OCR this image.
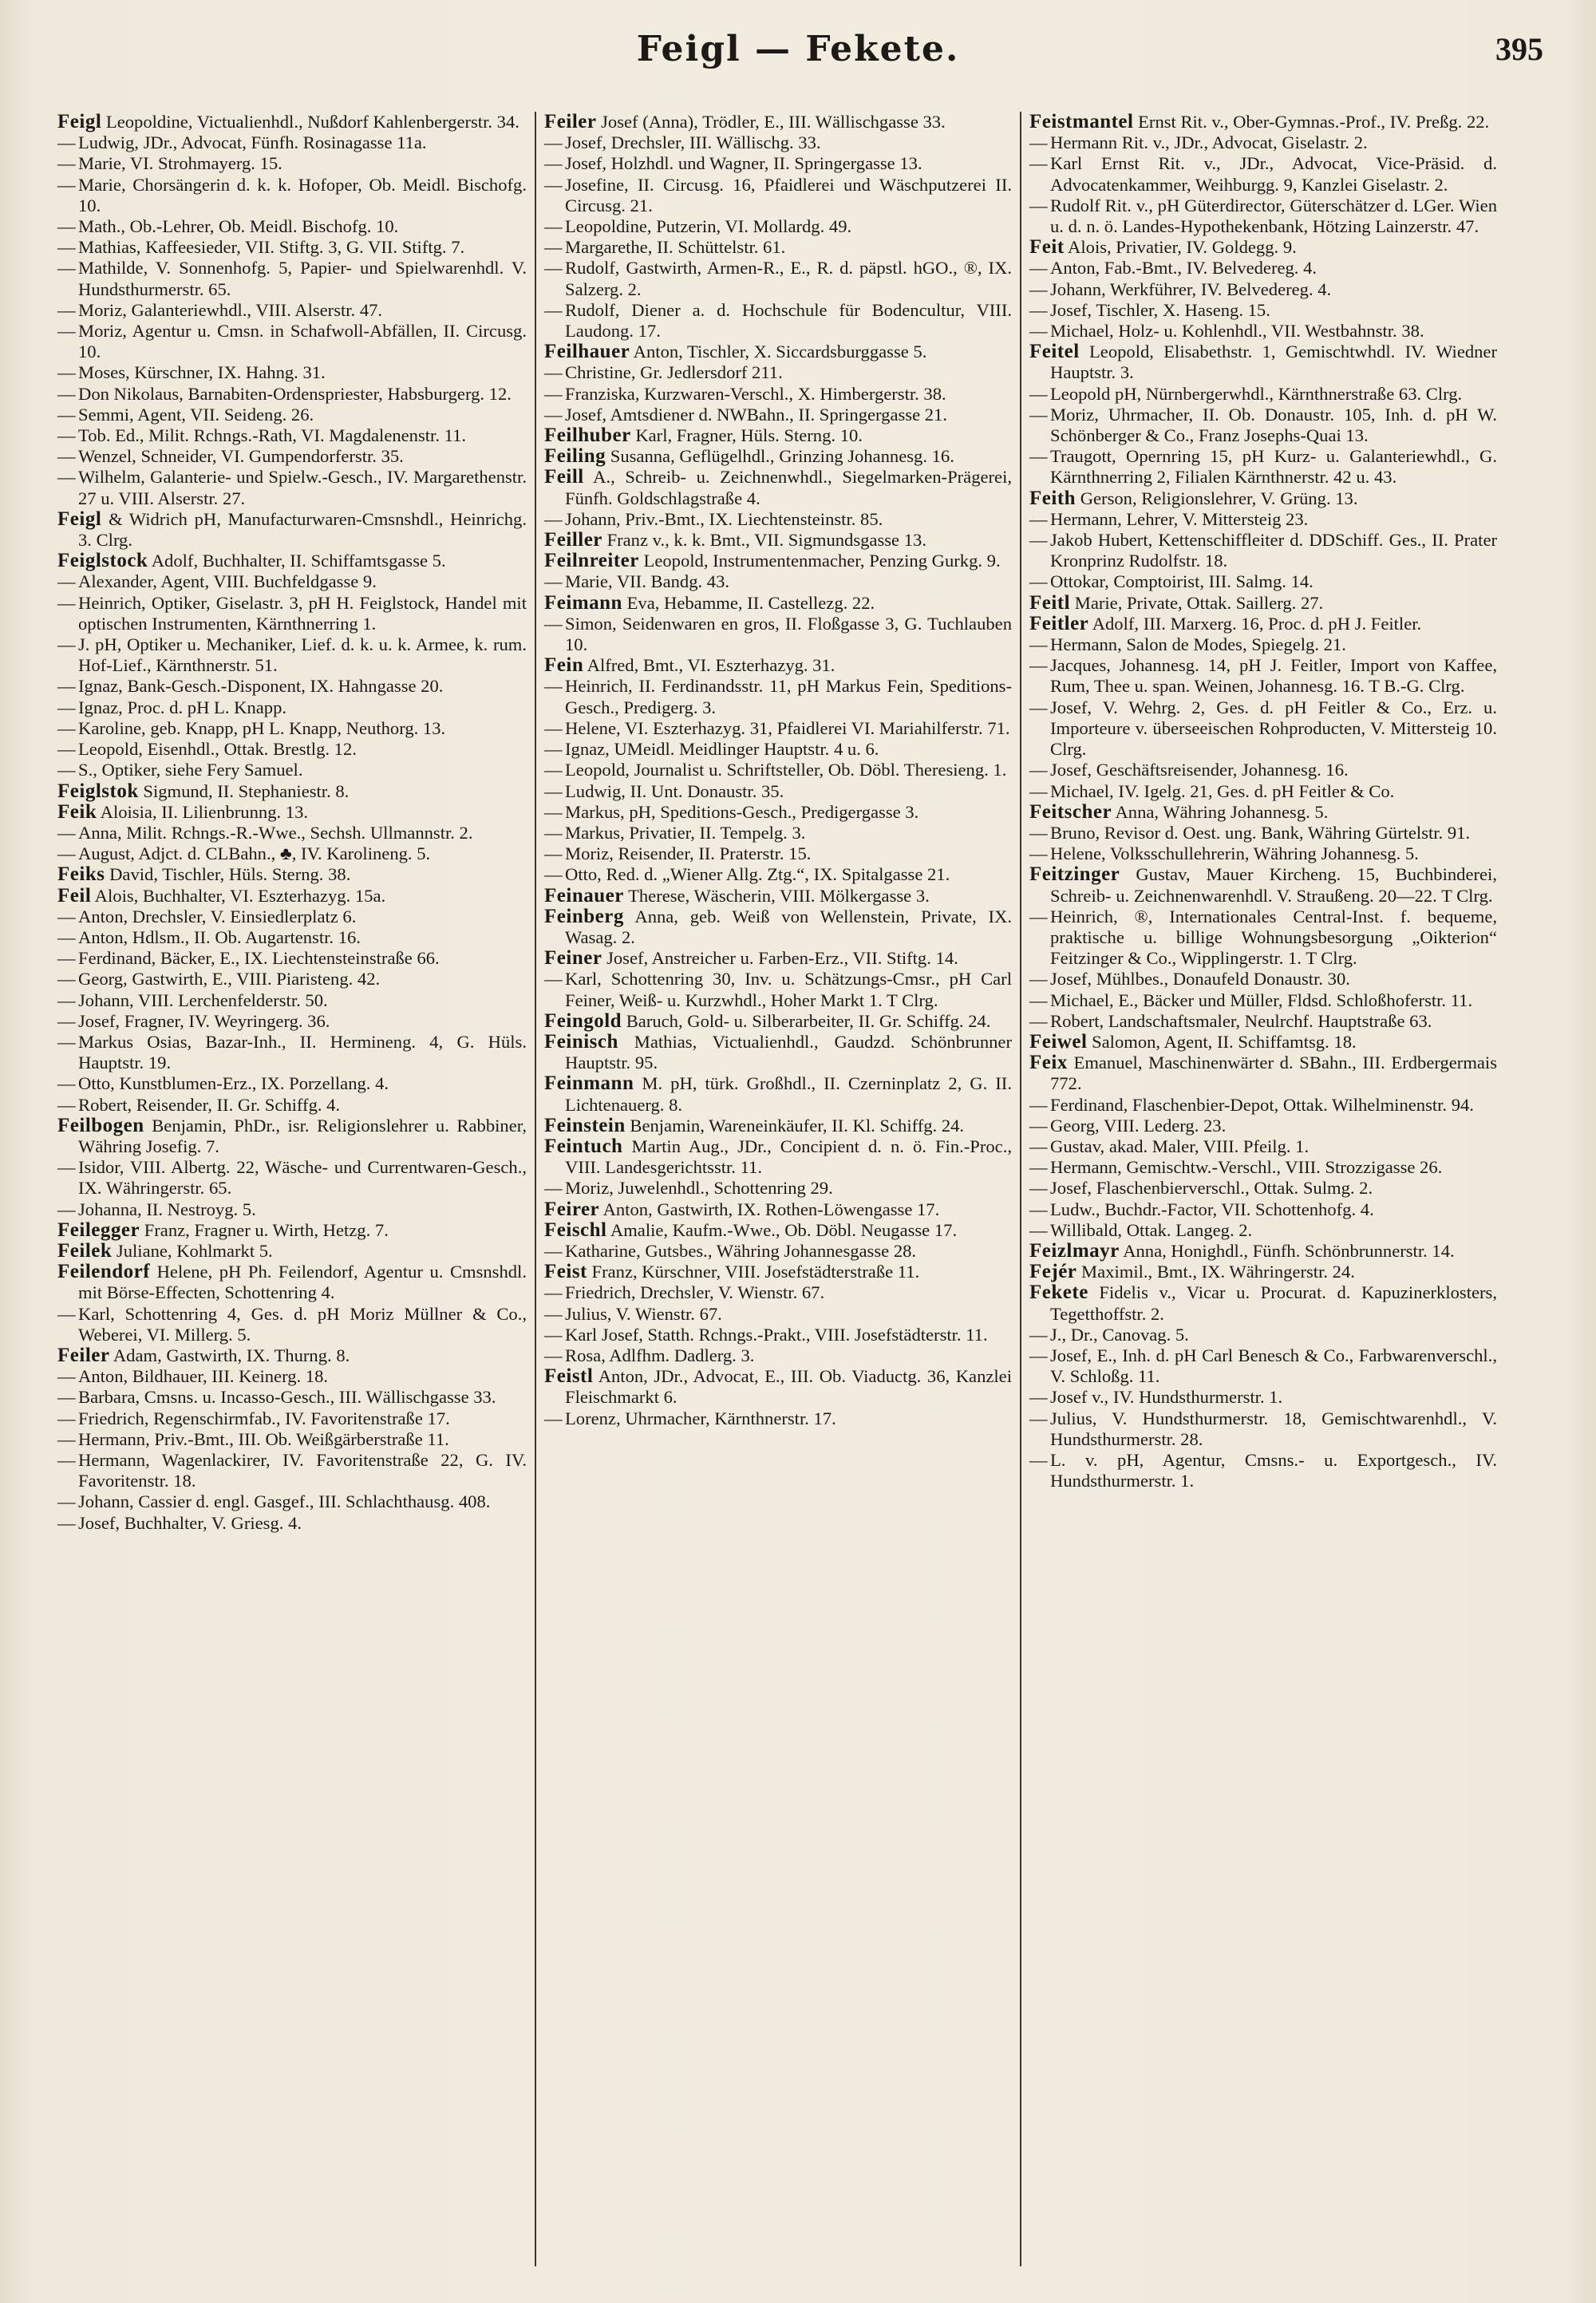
Feigl — Fekete.	395

Feigl Leopoldine, Victualienhdl., Nußdorf Kahlenbergerstr. 34.

— Ludwig, JDr., Advocat, Fünfh. Rosinagasse 11a.

— Marie, VI. Strohmayerg. 15.

— Marie, Chorsängerin d. k. k. Hofoper, Ob. Meidl. Bischofg. 10.

— Math., Ob.-Lehrer, Ob. Meidl. Bischofg. 10.

— Mathias, Kaffeesieder, VII. Stiftg. 3, G. VII. Stiftg. 7.

— Mathilde, V. Sonnenhofg. 5, Papier- und Spielwarenhdl. V. Hundsthurmerstr. 65.

— Moriz, Galanteriewhdl., VIII. Alserstr. 47.

— Moriz, Agentur u. Cmsn. in Schafwoll-Abfällen, II. Circusg. 10.

— Moses, Kürschner, IX. Hahng. 31.

— Don Nikolaus, Barnabiten-Ordenspriester, Habsburgerg. 12.

— Semmi, Agent, VII. Seideng. 26.

— Tob. Ed., Milit. Rchngs.-Rath, VI. Magdalenenstr. 11.

— Wenzel, Schneider, VI. Gumpendorferstr. 35.

— Wilhelm, Galanterie- und Spielw.-Gesch., IV. Margarethenstr. 27 u. VIII. Alserstr. 27.

Feigl & Widrich pH, Manufacturwaren-Cmsnshdl., Heinrichg. 3. Clrg.

Feiglstock Adolf, Buchhalter, II. Schiffamtsgasse 5.

— Alexander, Agent, VIII. Buchfeldgasse 9.

— Heinrich, Optiker, Giselastr. 3, pH H. Feiglstock, Handel mit optischen Instrumenten, Kärnthnerring 1.

— J. pH, Optiker u. Mechaniker, Lief. d. k. u. k. Armee, k. rum. Hof-Lief., Kärnthnerstr. 51.

— Ignaz, Bank-Gesch.-Disponent, IX. Hahngasse 20.

— Ignaz, Proc. d. pH L. Knapp.

— Karoline, geb. Knapp, pH L. Knapp, Neuthorg. 13.

— Leopold, Eisenhdl., Ottak. Brestlg. 12.

— S., Optiker, siehe Fery Samuel.

Feiglstok Sigmund, II. Stephaniestr. 8.

Feik Aloisia, II. Lilienbrunng. 13.

— Anna, Milit. Rchngs.-R.-Wwe., Sechsh. Ullmannstr. 2.

— August, Adjct. d. CLBahn., ♣, IV. Karolineng. 5.

Feiks David, Tischler, Hüls. Sterng. 38.

Feil Alois, Buchhalter, VI. Eszterhazyg. 15a.

— Anton, Drechsler, V. Einsiedlerplatz 6.

— Anton, Hdlsm., II. Ob. Augartenstr. 16.

— Ferdinand, Bäcker, E., IX. Liechtensteinstraße 66.

— Georg, Gastwirth, E., VIII. Piaristeng. 42.

— Johann, VIII. Lerchenfelderstr. 50.

— Josef, Fragner, IV. Weyringerg. 36.

— Markus Osias, Bazar-Inh., II. Hermineng. 4, G. Hüls. Hauptstr. 19.

— Otto, Kunstblumen-Erz., IX. Porzellang. 4.

— Robert, Reisender, II. Gr. Schiffg. 4.

Feilbogen Benjamin, PhDr., isr. Religionslehrer u. Rabbiner, Währing Josefig. 7.

— Isidor, VIII. Albertg. 22, Wäsche- und Currentwaren-Gesch., IX. Währingerstr. 65.

— Johanna, II. Nestroyg. 5.

Feilegger Franz, Fragner u. Wirth, Hetzg. 7.

Feilek Juliane, Kohlmarkt 5.

Feilendorf Helene, pH Ph. Feilendorf, Agentur u. Cmsnshdl. mit Börse-Effecten, Schottenring 4.

— Karl, Schottenring 4, Ges. d. pH Moriz Müllner & Co., Weberei, VI. Millerg. 5.

Feiler Adam, Gastwirth, IX. Thurng. 8.

— Anton, Bildhauer, III. Keinerg. 18.

— Barbara, Cmsns. u. Incasso-Gesch., III. Wällischgasse 33.

— Friedrich, Regenschirmfab., IV. Favoritenstraße 17.

— Hermann, Priv.-Bmt., III. Ob. Weißgärberstraße 11.

— Hermann, Wagenlackirer, IV. Favoritenstraße 22, G. IV. Favoritenstr. 18.

— Johann, Cassier d. engl. Gasgef., III. Schlachthausg. 408.

— Josef, Buchhalter, V. Griesg. 4.

Feiler Josef (Anna), Trödler, E., III. Wällischgasse 33.

— Josef, Drechsler, III. Wällischg. 33.

— Josef, Holzhdl. und Wagner, II. Springergasse 13.

— Josefine, II. Circusg. 16, Pfaidlerei und Wäschputzerei II. Circusg. 21.

— Leopoldine, Putzerin, VI. Mollardg. 49.

— Margarethe, II. Schüttelstr. 61.

— Rudolf, Gastwirth, Armen-R., E., R. d. päpstl. hGO., ®, IX. Salzerg. 2.

— Rudolf, Diener a. d. Hochschule für Bodencultur, VIII. Laudong. 17.

Feilhauer Anton, Tischler, X. Siccardsburggasse 5.

— Christine, Gr. Jedlersdorf 211.

— Franziska, Kurzwaren-Verschl., X. Himbergerstr. 38.

— Josef, Amtsdiener d. NWBahn., II. Springergasse 21.

Feilhuber Karl, Fragner, Hüls. Sterng. 10.

Feiling Susanna, Geflügelhdl., Grinzing Johannesg. 16.

Feill A., Schreib- u. Zeichnenwhdl., Siegelmarken-Prägerei, Fünfh. Goldschlagstraße 4.

— Johann, Priv.-Bmt., IX. Liechtensteinstr. 85.

Feiller Franz v., k. k. Bmt., VII. Sigmundsgasse 13.

Feilnreiter Leopold, Instrumentenmacher, Penzing Gurkg. 9.

— Marie, VII. Bandg. 43.

Feimann Eva, Hebamme, II. Castellezg. 22.

— Simon, Seidenwaren en gros, II. Floßgasse 3, G. Tuchlauben 10.

Fein Alfred, Bmt., VI. Eszterhazyg. 31.

— Heinrich, II. Ferdinandsstr. 11, pH Markus Fein, Speditions-Gesch., Predigerg. 3.

— Helene, VI. Eszterhazyg. 31, Pfaidlerei VI. Mariahilferstr. 71.

— Ignaz, UMeidl. Meidlinger Hauptstr. 4 u. 6.

— Leopold, Journalist u. Schriftsteller, Ob. Döbl. Theresieng. 1.

— Ludwig, II. Unt. Donaustr. 35.

— Markus, pH, Speditions-Gesch., Predigergasse 3.

— Markus, Privatier, II. Tempelg. 3.

— Moriz, Reisender, II. Praterstr. 15.

— Otto, Red. d. „Wiener Allg. Ztg.“, IX. Spitalgasse 21.

Feinauer Therese, Wäscherin, VIII. Mölkergasse 3.

Feinberg Anna, geb. Weiß von Wellenstein, Private, IX. Wasag. 2.

Feiner Josef, Anstreicher u. Farben-Erz., VII. Stiftg. 14.

— Karl, Schottenring 30, Inv. u. Schätzungs-Cmsr., pH Carl Feiner, Weiß- u. Kurzwhdl., Hoher Markt 1. T Clrg.

Feingold Baruch, Gold- u. Silberarbeiter, II. Gr. Schiffg. 24.

Feinisch Mathias, Victualienhdl., Gaudzd. Schönbrunner Hauptstr. 95.

Feinmann M. pH, türk. Großhdl., II. Czerninplatz 2, G. II. Lichtenauerg. 8.

Feinstein Benjamin, Wareneinkäufer, II. Kl. Schiffg. 24.

Feintuch Martin Aug., JDr., Concipient d. n. ö. Fin.-Proc., VIII. Landesgerichtsstr. 11.

— Moriz, Juwelenhdl., Schottenring 29.

Feirer Anton, Gastwirth, IX. Rothen-Löwengasse 17.

Feischl Amalie, Kaufm.-Wwe., Ob. Döbl. Neugasse 17.

— Katharine, Gutsbes., Währing Johannesgasse 28.

Feist Franz, Kürschner, VIII. Josefstädterstraße 11.

— Friedrich, Drechsler, V. Wienstr. 67.

— Julius, V. Wienstr. 67.

— Karl Josef, Statth. Rchngs.-Prakt., VIII. Josefstädterstr. 11.

— Rosa, Adlfhm. Dadlerg. 3.

Feistl Anton, JDr., Advocat, E., III. Ob. Viaductg. 36, Kanzlei Fleischmarkt 6.

— Lorenz, Uhrmacher, Kärnthnerstr. 17.

Feistmantel Ernst Rit. v., Ober-Gymnas.-Prof., IV. Preßg. 22.

— Hermann Rit. v., JDr., Advocat, Giselastr. 2.

— Karl Ernst Rit. v., JDr., Advocat, Vice-Präsid. d. Advocatenkammer, Weihburgg. 9, Kanzlei Giselastr. 2.

— Rudolf Rit. v., pH Güterdirector, Güterschätzer d. LGer. Wien u. d. n. ö. Landes-Hypothekenbank, Hötzing Lainzerstr. 47.

Feit Alois, Privatier, IV. Goldegg. 9.

— Anton, Fab.-Bmt., IV. Belvedereg. 4.

— Johann, Werkführer, IV. Belvedereg. 4.

— Josef, Tischler, X. Haseng. 15.

— Michael, Holz- u. Kohlenhdl., VII. Westbahnstr. 38.

Feitel Leopold, Elisabethstr. 1, Gemischtwhdl. IV. Wiedner Hauptstr. 3.

— Leopold pH, Nürnbergerwhdl., Kärnthnerstraße 63. Clrg.

— Moriz, Uhrmacher, II. Ob. Donaustr. 105, Inh. d. pH W. Schönberger & Co., Franz Josephs-Quai 13.

— Traugott, Opernring 15, pH Kurz- u. Galanteriewhdl., G. Kärnthnerring 2, Filialen Kärnthnerstr. 42 u. 43.

Feith Gerson, Religionslehrer, V. Grüng. 13.

— Hermann, Lehrer, V. Mittersteig 23.

— Jakob Hubert, Kettenschiffleiter d. DDSchiff. Ges., II. Prater Kronprinz Rudolfstr. 18.

— Ottokar, Comptoirist, III. Salmg. 14.

Feitl Marie, Private, Ottak. Saillerg. 27.

Feitler Adolf, III. Marxerg. 16, Proc. d. pH J. Feitler.

— Hermann, Salon de Modes, Spiegelg. 21.

— Jacques, Johannesg. 14, pH J. Feitler, Import von Kaffee, Rum, Thee u. span. Weinen, Johannesg. 16. T B.-G. Clrg.

— Josef, V. Wehrg. 2, Ges. d. pH Feitler & Co., Erz. u. Importeure v. überseeischen Rohproducten, V. Mittersteig 10. Clrg.

— Josef, Geschäftsreisender, Johannesg. 16.

— Michael, IV. Igelg. 21, Ges. d. pH Feitler & Co.

Feitscher Anna, Währing Johannesg. 5.

— Bruno, Revisor d. Oest. ung. Bank, Währing Gürtelstr. 91.

— Helene, Volksschullehrerin, Währing Johannesg. 5.

Feitzinger Gustav, Mauer Kircheng. 15, Buchbinderei, Schreib- u. Zeichnenwarenhdl. V. Straußeng. 20—22. T Clrg.

— Heinrich, ®, Internationales Central-Inst. f. bequeme, praktische u. billige Wohnungsbesorgung „Oikterion“ Feitzinger & Co., Wipplingerstr. 1. T Clrg.

— Josef, Mühlbes., Donaufeld Donaustr. 30.

— Michael, E., Bäcker und Müller, Fldsd. Schloßhoferstr. 11.

— Robert, Landschaftsmaler, Neulrchf. Hauptstraße 63.

Feiwel Salomon, Agent, II. Schiffamtsg. 18.

Feix Emanuel, Maschinenwärter d. SBahn., III. Erdbergermais 772.

— Ferdinand, Flaschenbier-Depot, Ottak. Wilhelminenstr. 94.

— Georg, VIII. Lederg. 23.

— Gustav, akad. Maler, VIII. Pfeilg. 1.

— Hermann, Gemischtw.-Verschl., VIII. Strozzigasse 26.

— Josef, Flaschenbierverschl., Ottak. Sulmg. 2.

— Ludw., Buchdr.-Factor, VII. Schottenhofg. 4.

— Willibald, Ottak. Langeg. 2.

Feizlmayr Anna, Honighdl., Fünfh. Schönbrunnerstr. 14.

Fejér Maximil., Bmt., IX. Währingerstr. 24.

Fekete Fidelis v., Vicar u. Procurat. d. Kapuzinerklosters, Tegetthoffstr. 2.

— J., Dr., Canovag. 5.

— Josef, E., Inh. d. pH Carl Benesch & Co., Farbwarenverschl., V. Schloßg. 11.

— Josef v., IV. Hundsthurmerstr. 1.

— Julius, V. Hundsthurmerstr. 18, Gemischtwarenhdl., V. Hundsthurmerstr. 28.

— L. v. pH, Agentur, Cmsns.- u. Exportgesch., IV. Hundsthurmerstr. 1.
